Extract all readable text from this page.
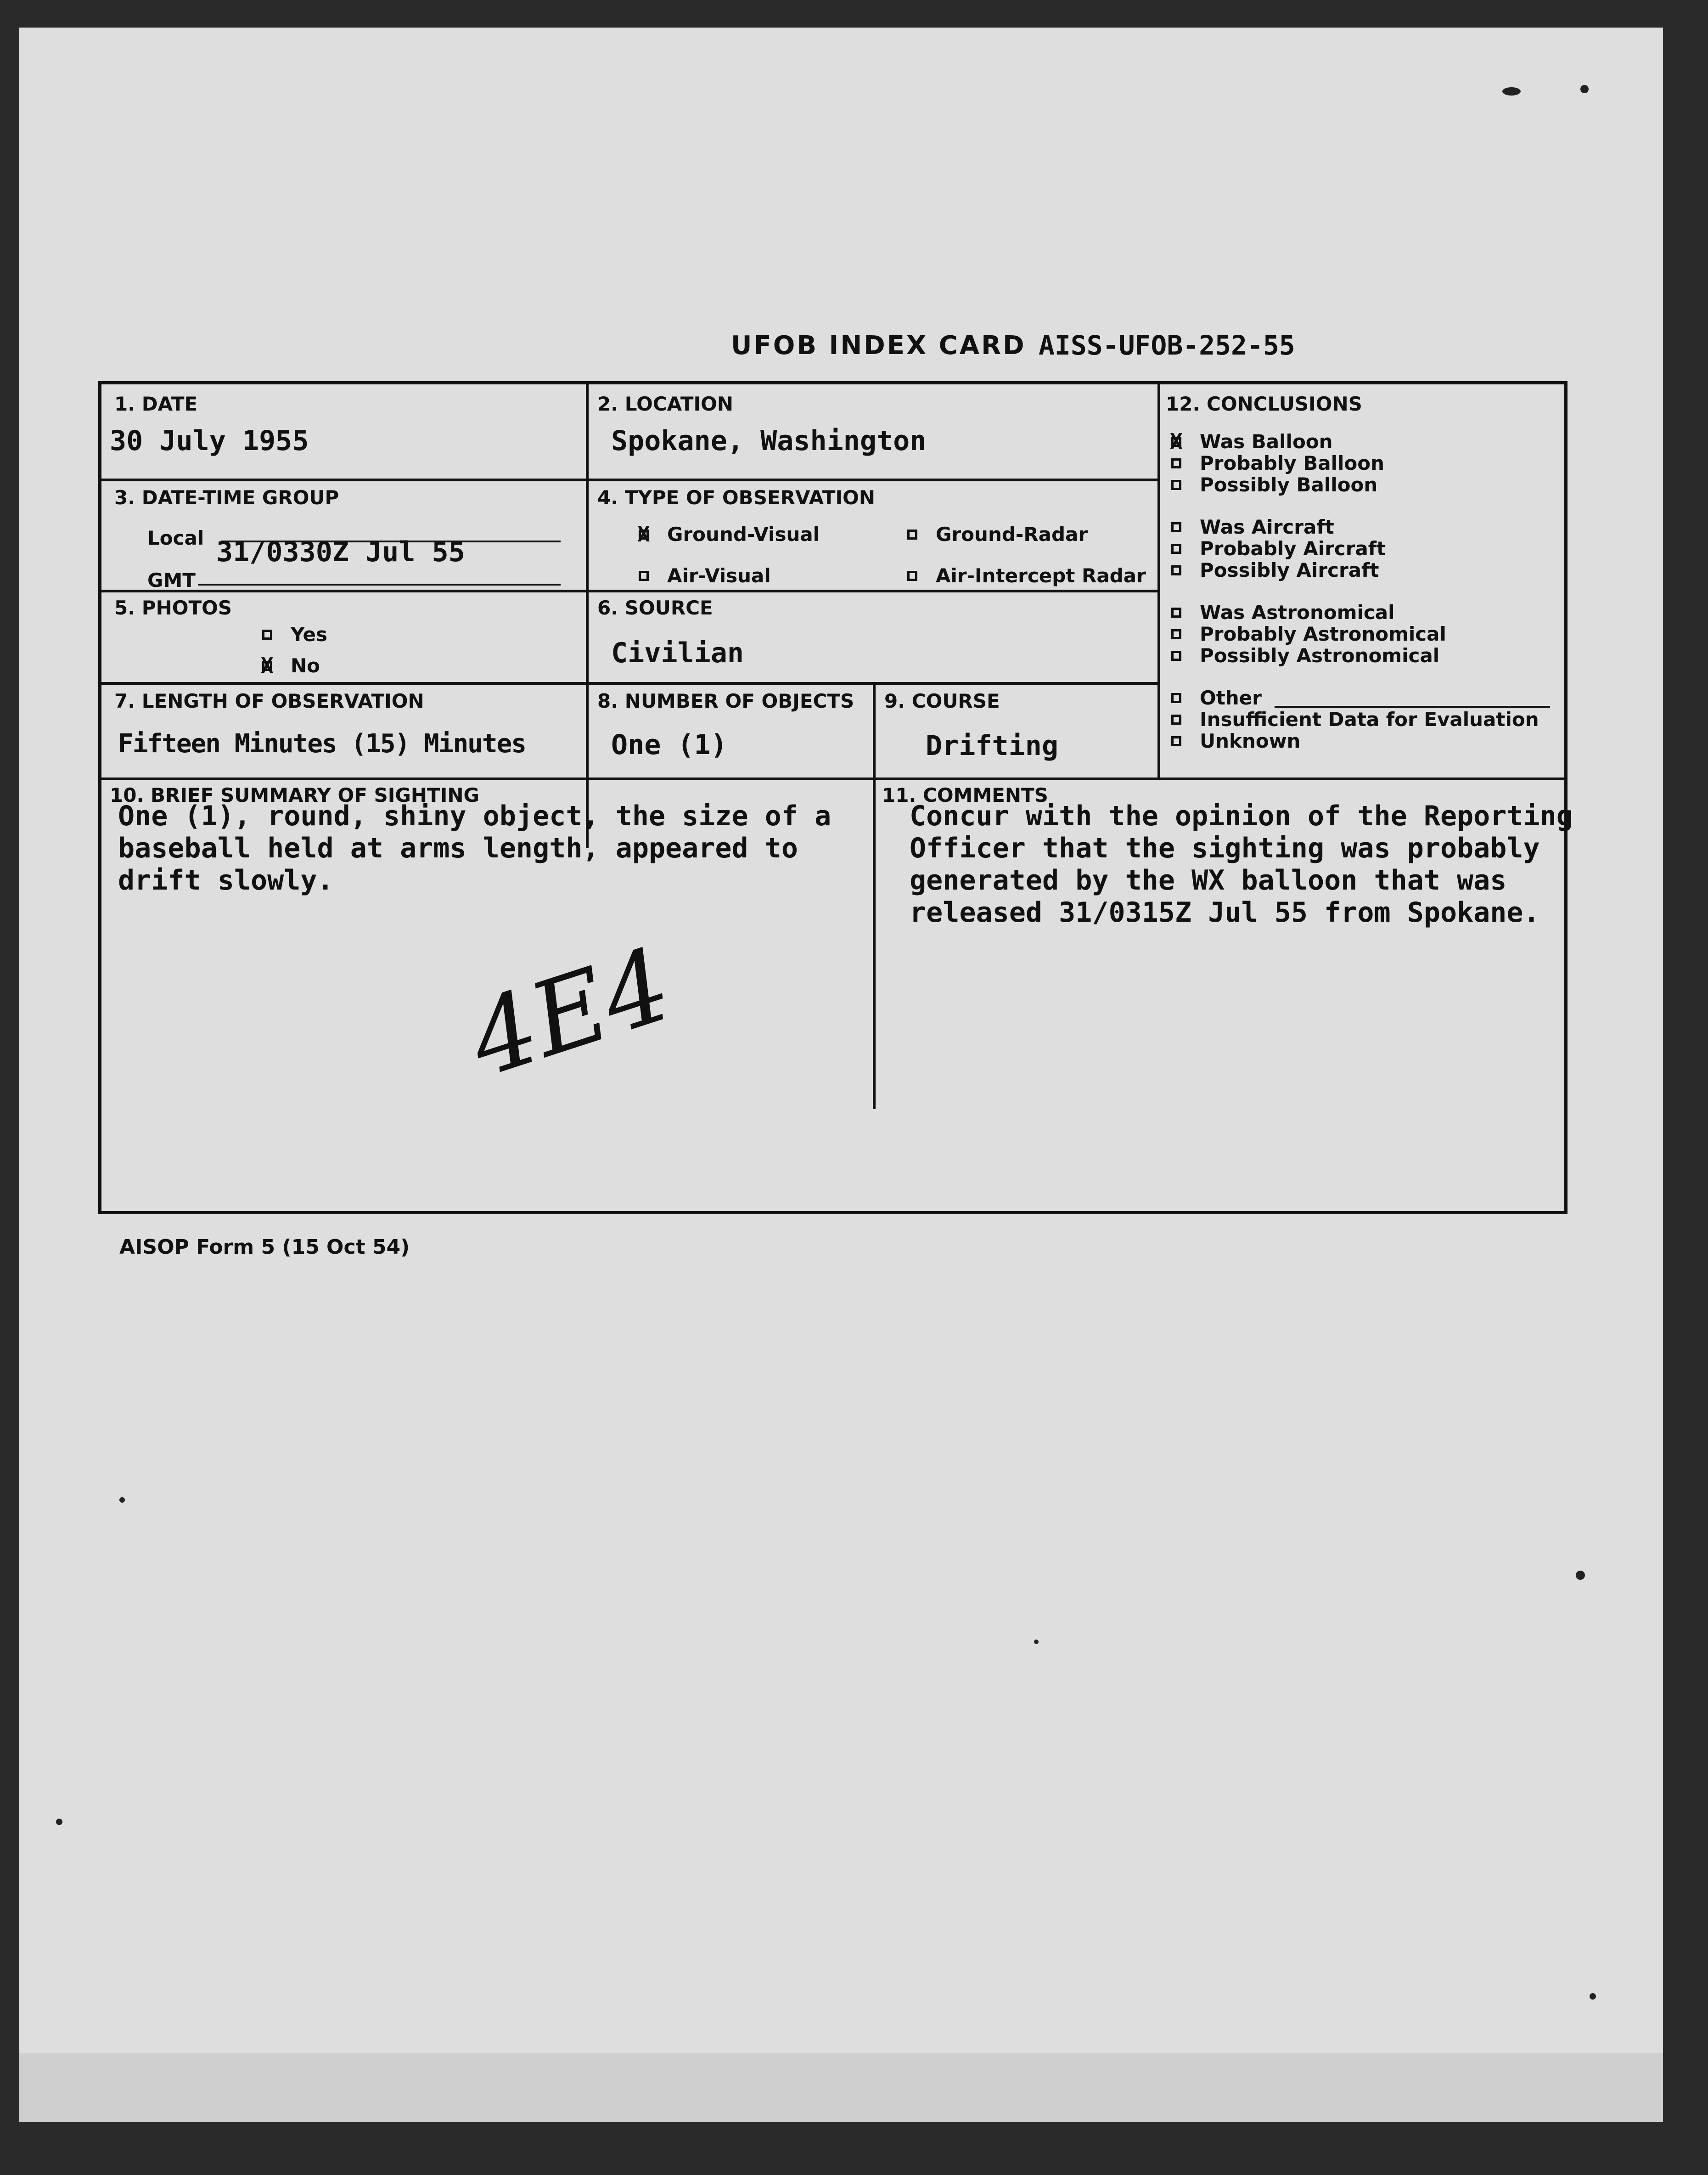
UFOB INDEX CARD AISS-UFOB-252-55
1. DATE
30 July 1955
2. LOCATION
Spokane, Washington
3. DATE-TIME GROUP
Local 31/0330Z Jul 55
GMT
4. TYPE OF OBSERVATION
X
Ground-Visual	Ground-Radar
Air-Visual	Air-Intercept Radar
5. PHOTOS
Yes
X
No
6. SOURCE
Civilian
7. LENGTH OF OBSERVATION
Fifteen Minutes (15) Minutes
8. NUMBER OF OBJECTS
One (1)
9. COURSE
Drifting
12. CONCLUSIONS
X
Was Balloon
Probably Balloon
Possibly Balloon
Was Aircraft
Probably Aircraft
Possibly Aircraft
Was Astronomical
Probably Astronomical
Possibly Astronomical
Other
Insufficient Data for Evaluation
Unknown
10. BRIEF SUMMARY OF SIGHTING
One (1), round, shiny object, the size of a
baseball held at arms length, appeared to
drift slowly.
11. COMMENTS
Concur with the opinion of the Reporting
Officer that the sighting was probably
generated by the WX balloon that was
released 31/0315Z Jul 55 from Spokane.
4E4
AISOP Form 5 (15 Oct 54)
